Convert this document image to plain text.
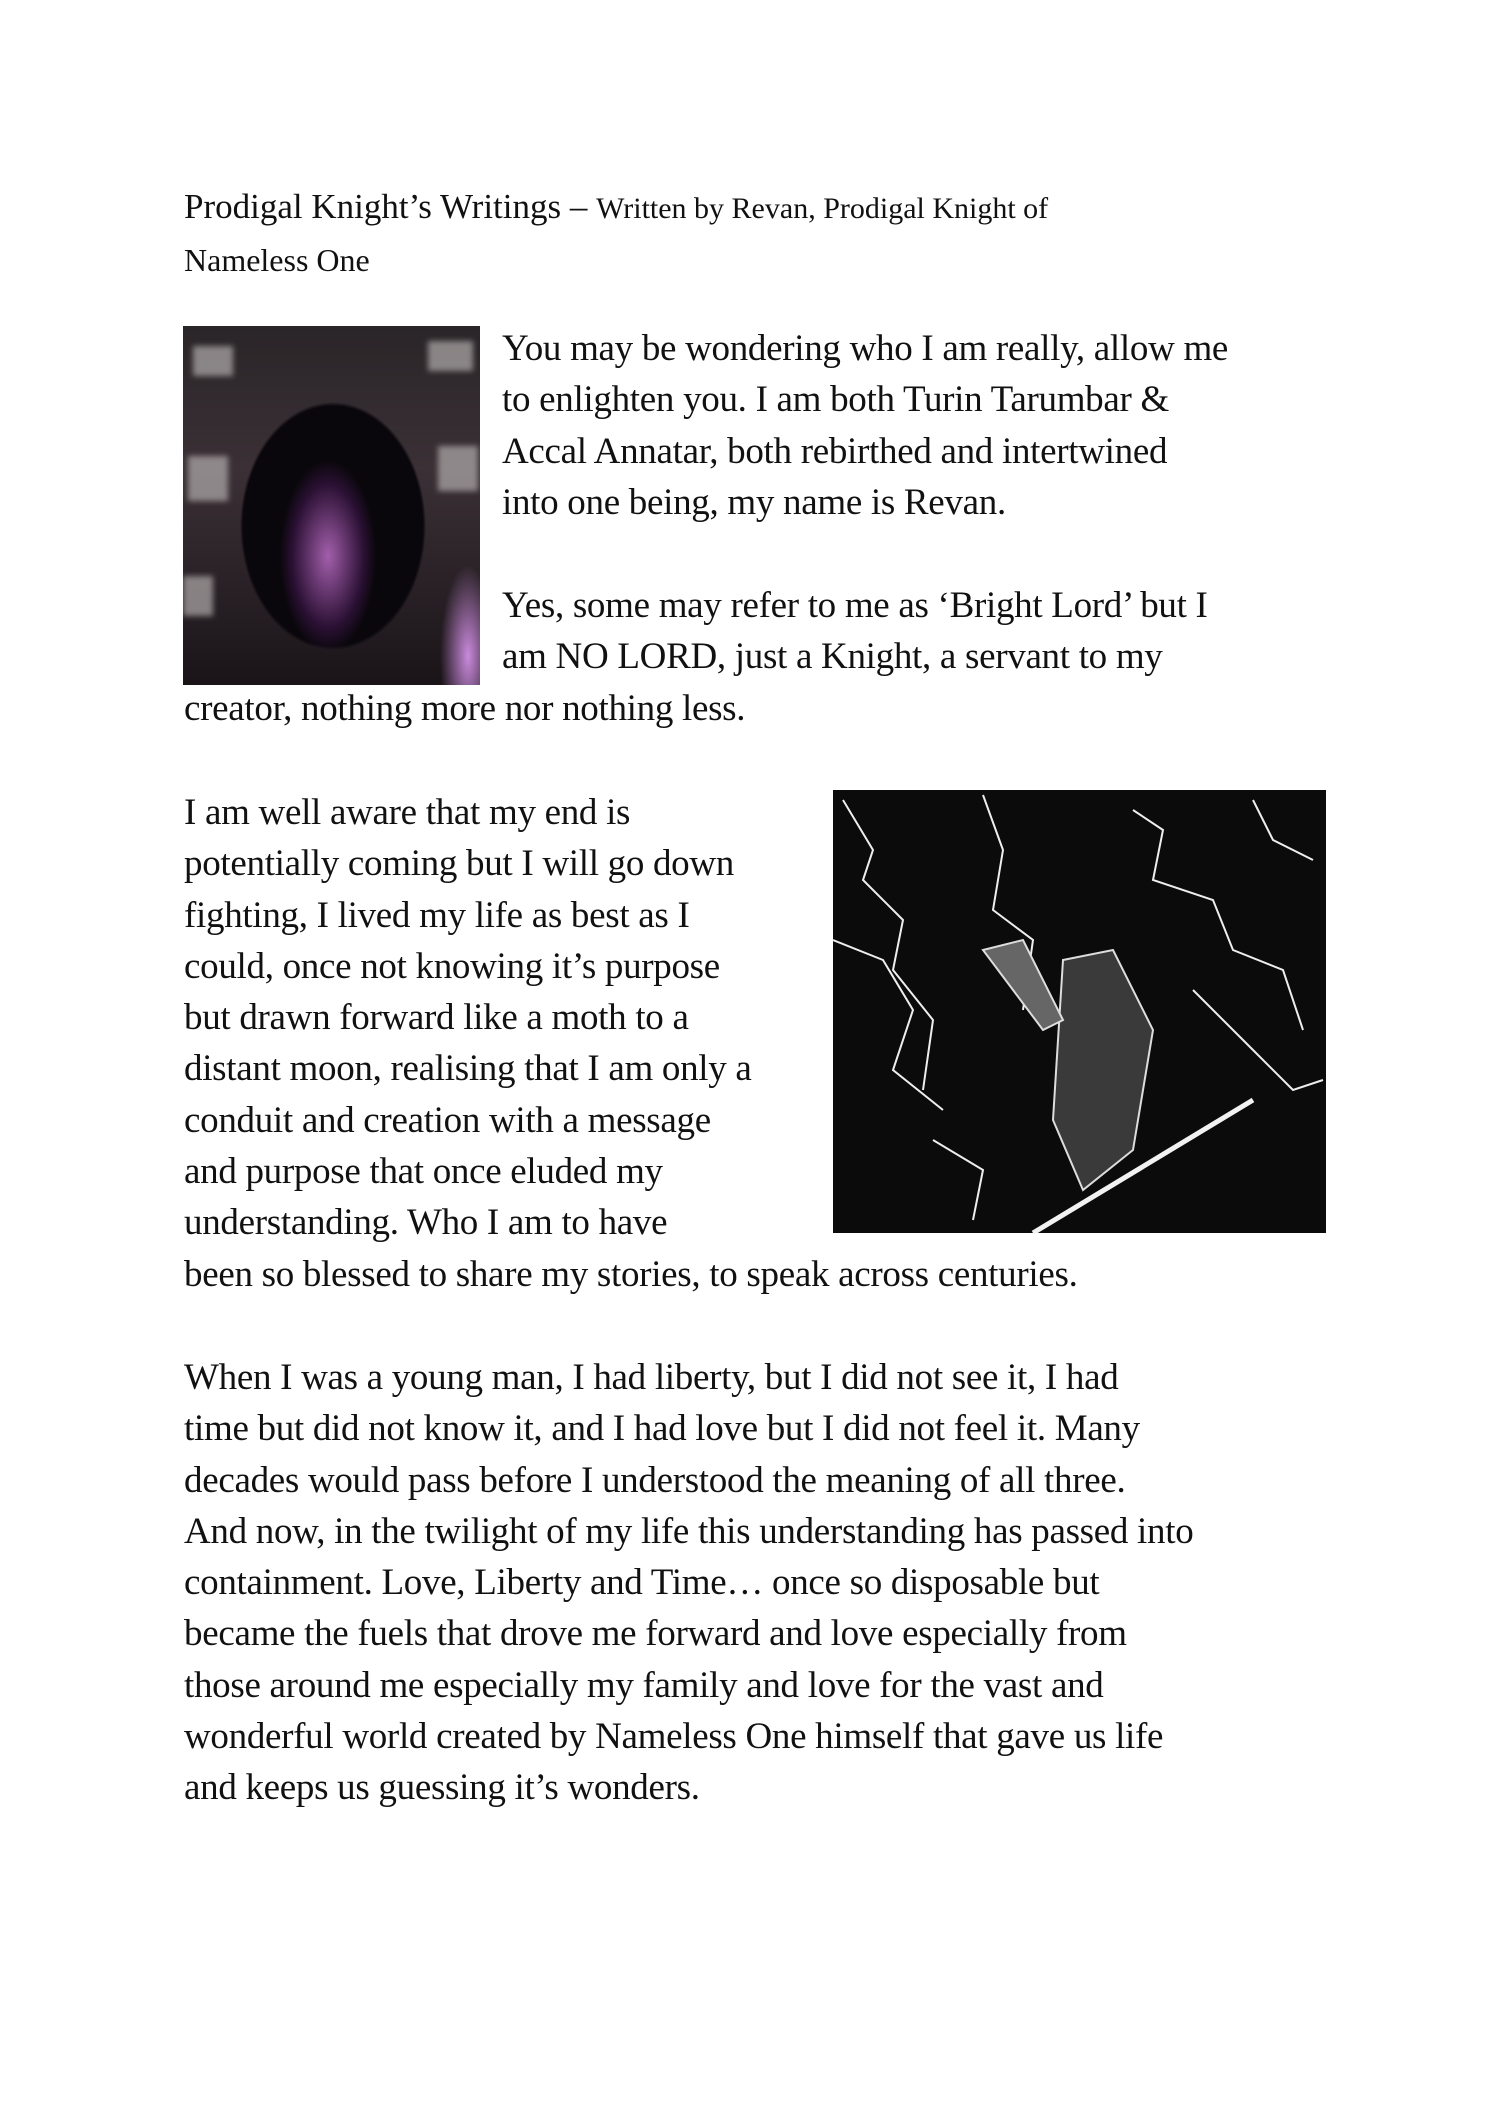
Prodigal Knight’s Writings – Written by Revan, Prodigal Knight of
Nameless One
You may be wondering who I am really, allow me
to enlighten you. I am both Turin Tarumbar &
Accal Annatar, both rebirthed and intertwined
into one being, my name is Revan.
Yes, some may refer to me as ‘Bright Lord’ but I
am NO LORD, just a Knight, a servant to my
creator, nothing more nor nothing less.
I am well aware that my end is
potentially coming but I will go down
fighting, I lived my life as best as I
could, once not knowing it’s purpose
but drawn forward like a moth to a
distant moon, realising that I am only a
conduit and creation with a message
and purpose that once eluded my
understanding. Who I am to have
been so blessed to share my stories, to speak across centuries.
When I was a young man, I had liberty, but I did not see it, I had
time but did not know it, and I had love but I did not feel it. Many
decades would pass before I understood the meaning of all three.
And now, in the twilight of my life this understanding has passed into
containment. Love, Liberty and Time… once so disposable but
became the fuels that drove me forward and love especially from
those around me especially my family and love for the vast and
wonderful world created by Nameless One himself that gave us life
and keeps us guessing it’s wonders.
